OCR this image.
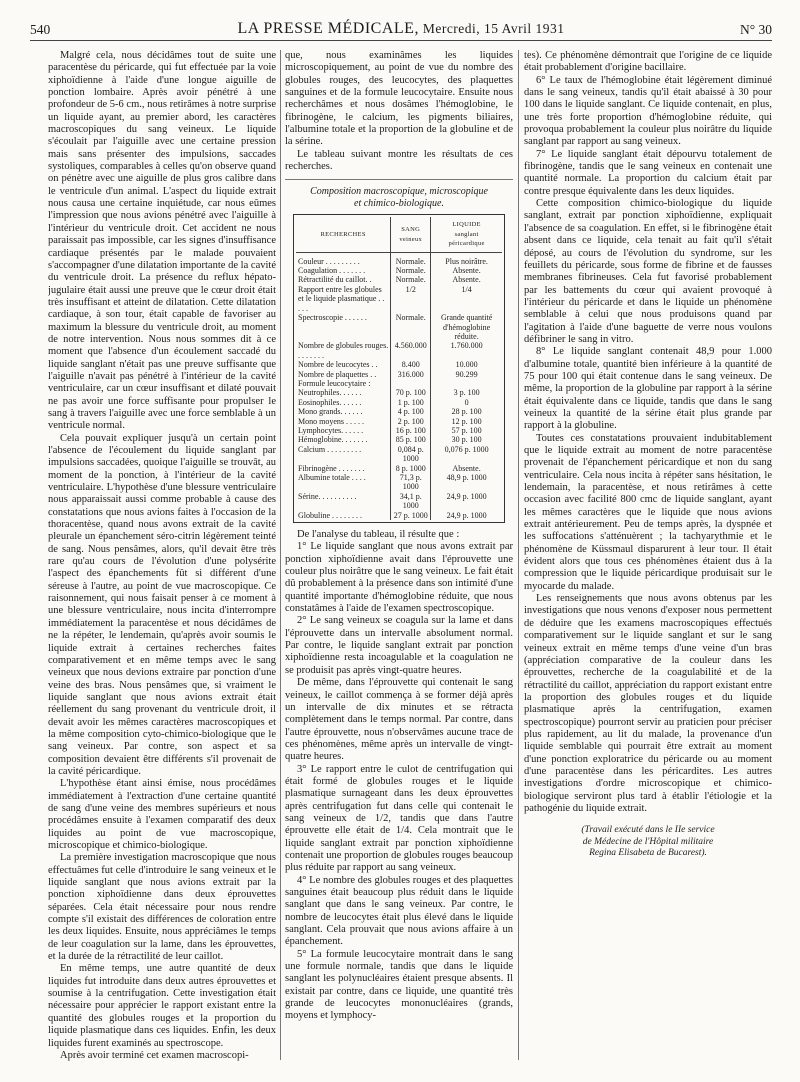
540	LA PRESSE MÉDICALE, Mercredi, 15 Avril 1931	N° 30

Malgré cela, nous décidâmes tout de suite une paracentèse du péricarde, qui fut effectuée par la voie xiphoïdienne à l'aide d'une longue aiguille de ponction lombaire. Après avoir pénétré à une profondeur de 5-6 cm., nous retirâmes à notre surprise un liquide ayant, au premier abord, les caractères macroscopiques du sang veineux. Le liquide s'écoulait par l'aiguille avec une certaine pression mais sans présenter des impulsions, saccades systoliques, comparables à celles qu'on observe quand on pénètre avec une aiguille de plus gros calibre dans le ventricule d'un animal. L'aspect du liquide extrait nous causa une certaine inquiétude, car nous eûmes l'impression que nous avions pénétré avec l'aiguille à l'intérieur du ventricule droit. Cet accident ne nous paraissait pas impossible, car les signes d'insuffisance cardiaque présentés par le malade pouvaient s'accompagner d'une dilatation importante de la cavité du ventricule droit. La présence du reflux hépato-jugulaire était aussi une preuve que le cœur droit était très insuffisant et atteint de dilatation. Cette dilatation cardiaque, à son tour, était capable de favoriser au maximum la blessure du ventricule droit, au moment de notre intervention. Nous nous sommes dit à ce moment que l'absence d'un écoulement saccadé du liquide sanglant n'était pas une preuve suffisante que l'aiguille n'avait pas pénétré à l'intérieur de la cavité ventriculaire, car un cœur insuffisant et dilaté pouvait ne pas avoir une force suffisante pour propulser le sang à travers l'aiguille avec une force semblable à un ventricule normal.

Cela pouvait expliquer jusqu'à un certain point l'absence de l'écoulement du liquide sanglant par impulsions saccadées, quoique l'aiguille se trouvât, au moment de la ponction, à l'intérieur de la cavité ventriculaire. L'hypothèse d'une blessure ventriculaire nous apparaissait aussi comme probable à cause des constatations que nous avions faites à l'occasion de la thoracentèse, quand nous avons extrait de la cavité pleurale un épanchement séro-citrin légèrement teinté de sang. Nous pensâmes, alors, qu'il devait être très rare qu'au cours de l'évolution d'une polysérite l'aspect des épanchements fût si différent d'une séreuse à l'autre, au point de vue macroscopique. Ce raisonnement, qui nous faisait penser à ce moment à une blessure ventriculaire, nous incita d'interrompre immédiatement la paracentèse et nous décidâmes de ne la répéter, le lendemain, qu'après avoir soumis le liquide extrait à certaines recherches faites comparativement et en même temps avec le sang veineux que nous devions extraire par ponction d'une veine des bras. Nous pensâmes que, si vraiment le liquide sanglant que nous avions extrait était réellement du sang provenant du ventricule droit, il devait avoir les mêmes caractères macroscopiques et la même composition cyto-chimico-biologique que le sang veineux. Par contre, son aspect et sa composition devaient être différents s'il provenait de la cavité péricardique.

L'hypothèse étant ainsi émise, nous procédâmes immédiatement à l'extraction d'une certaine quantité de sang d'une veine des membres supérieurs et nous procédâmes ensuite à l'examen comparatif des deux liquides au point de vue macroscopique, microscopique et chimico-biologique.

La première investigation macroscopique que nous effectuâmes fut celle d'introduire le sang veineux et le liquide sanglant que nous avions extrait par la ponction xiphoïdienne dans deux éprouvettes séparées. Cela était nécessaire pour nous rendre compte s'il existait des différences de coloration entre les deux liquides. Ensuite, nous appréciâmes le temps de leur coagulation sur la lame, dans les éprouvettes, et la durée de la rétractilité de leur caillot.

En même temps, une autre quantité de deux liquides fut introduite dans deux autres éprouvettes et soumise à la centrifugation. Cette investigation était nécessaire pour apprécier le rapport existant entre la quantité des globules rouges et la proportion du liquide plasmatique dans ces liquides. Enfin, les deux liquides furent examinés au spectroscope.

Après avoir terminé cet examen macroscopi-

que, nous examinâmes les liquides microscopiquement, au point de vue du nombre des globules rouges, des leucocytes, des plaquettes sanguines et de la formule leucocytaire. Ensuite nous recherchâmes et nous dosâmes l'hémoglobine, le fibrinogène, le calcium, les pigments biliaires, l'albumine totale et la proportion de la globuline et de la sérine.

Le tableau suivant montre les résultats de ces recherches.

Composition macroscopique, microscopique
et chimico-biologique.
RECHERCHES	SANG
veineux	LIQUIDE
sanglant
péricardique
Couleur . . . . . . . . .	Normale.	Plus noirâtre.
Coagulation . . . . . . .	Normale.	Absente.
Rétractilité du caillot. .	Normale.	Absente.
Rapport entre les globules et le liquide plasmatique . . . . .	1/2	1/4
Spectroscopie . . . . . .	Normale.	Grande quantité d'hémoglobine réduite.
Nombre de globules rouges. . . . . . . .	4.560.000	1.760.000
Nombre de leucocytes . .	8.400	10.000
Nombre de plaquettes . .	316.000	90.299
Formule leucocytaire :		
Neutrophiles. . . . . .	70 p. 100	3 p. 100
Eosinophiles. . . . . .	1 p. 100	0
Mono grands. . . . . .	4 p. 100	28 p. 100
Mono moyens . . . . .	2 p. 100	12 p. 100
Lymphocytes. . . . . .	16 p. 100	57 p. 100
Hémoglobine. . . . . . .	85 p. 100	30 p. 100
Calcium . . . . . . . . .	0,084 p. 1000	0,076 p. 1000
Fibrinogène . . . . . . .	8 p. 1000	Absente.
Albumine totale . . . .	71,3 p. 1000	48,9 p. 1000
Sérine. . . . . . . . . .	34,1 p. 1000	24,9 p. 1000
Globuline . . . . . . . .	27 p. 1000	24,9 p. 1000

De l'analyse du tableau, il résulte que :

1° Le liquide sanglant que nous avons extrait par ponction xiphoïdienne avait dans l'éprouvette une couleur plus noirâtre que le sang veineux. Le fait était dû probablement à la présence dans son intimité d'une quantité importante d'hémoglobine réduite, que nous constatâmes à l'aide de l'examen spectroscopique.

2° Le sang veineux se coagula sur la lame et dans l'éprouvette dans un intervalle absolument normal. Par contre, le liquide sanglant extrait par ponction xiphoïdienne resta incoagulable et la coagulation ne se produisit pas après vingt-quatre heures.

De même, dans l'éprouvette qui contenait le sang veineux, le caillot commença à se former déjà après un intervalle de dix minutes et se rétracta complètement dans le temps normal. Par contre, dans l'autre éprouvette, nous n'observâmes aucune trace de ces phénomènes, même après un intervalle de vingt-quatre heures.

3° Le rapport entre le culot de centrifugation qui était formé de globules rouges et le liquide plasmatique surnageant dans les deux éprouvettes après centrifugation fut dans celle qui contenait le sang veineux de 1/2, tandis que dans l'autre éprouvette elle était de 1/4. Cela montrait que le liquide sanglant extrait par ponction xiphoïdienne contenait une proportion de globules rouges beaucoup plus réduite par rapport au sang veineux.

4° Le nombre des globules rouges et des plaquettes sanguines était beaucoup plus réduit dans le liquide sanglant que dans le sang veineux. Par contre, le nombre de leucocytes était plus élevé dans le liquide sanglant. Cela prouvait que nous avions affaire à un épanchement.

5° La formule leucocytaire montrait dans le sang une formule normale, tandis que dans le liquide sanglant les polynucléaires étaient presque absents. Il existait par contre, dans ce liquide, une quantité très grande de leucocytes mononucléaires (grands, moyens et lymphocy-

tes). Ce phénomène démontrait que l'origine de ce liquide était probablement d'origine bacillaire.

6° Le taux de l'hémoglobine était légèrement diminué dans le sang veineux, tandis qu'il était abaissé à 30 pour 100 dans le liquide sanglant. Ce liquide contenait, en plus, une très forte proportion d'hémoglobine réduite, qui provoqua probablement la couleur plus noirâtre du liquide sanglant par rapport au sang veineux.

7° Le liquide sanglant était dépourvu totalement de fibrinogène, tandis que le sang veineux en contenait une quantité normale. La proportion du calcium était par contre presque équivalente dans les deux liquides.

Cette composition chimico-biologique du liquide sanglant, extrait par ponction xiphoïdienne, expliquait l'absence de sa coagulation. En effet, si le fibrinogène était absent dans ce liquide, cela tenait au fait qu'il s'était déposé, au cours de l'évolution du syndrome, sur les feuillets du péricarde, sous forme de fibrine et de fausses membranes fibrineuses. Cela fut favorisé probablement par les battements du cœur qui avaient provoqué à l'intérieur du péricarde et dans le liquide un phénomène semblable à celui que nous produisons quand par l'agitation à l'aide d'une baguette de verre nous voulons défibriner le sang in vitro.

8° Le liquide sanglant contenait 48,9 pour 1.000 d'albumine totale, quantité bien inférieure à la quantité de 75 pour 100 qui était contenue dans le sang veineux. De même, la proportion de la globuline par rapport à la sérine était équivalente dans ce liquide, tandis que dans le sang veineux la quantité de la sérine était plus grande par rapport à la globuline.

Toutes ces constatations prouvaient indubitablement que le liquide extrait au moment de notre paracentèse provenait de l'épanchement péricardique et non du sang ventriculaire. Cela nous incita à répéter sans hésitation, le lendemain, la paracentèse, et nous retirâmes à cette occasion avec facilité 800 cmc de liquide sanglant, ayant les mêmes caractères que le liquide que nous avions extrait antérieurement. Peu de temps après, la dyspnée et les suffocations s'atténuèrent ; la tachyarythmie et le phénomène de Küssmaul disparurent à leur tour. Il était évident alors que tous ces phénomènes étaient dus à la compression que le liquide péricardique produisait sur le myocarde du malade.

Les renseignements que nous avons obtenus par les investigations que nous venons d'exposer nous permettent de déduire que les examens macroscopiques effectués comparativement sur le liquide sanglant et sur le sang veineux extrait en même temps d'une veine d'un bras (appréciation comparative de la couleur dans les éprouvettes, recherche de la coagulabilité et de la rétractilité du caillot, appréciation du rapport existant entre la proportion des globules rouges et du liquide plasmatique après la centrifugation, examen spectroscopique) pourront servir au praticien pour préciser plus rapidement, au lit du malade, la provenance d'un liquide semblable qui pourrait être extrait au moment d'une ponction exploratrice du péricarde ou au moment d'une paracentèse dans les péricardites. Les autres investigations d'ordre microscopique et chimico-biologique serviront plus tard à établir l'étiologie et la pathogénie du liquide extrait.

(Travail exécuté dans le IIe service
de Médecine de l'Hôpital militaire
Regina Elisabeta de Bucarest).
